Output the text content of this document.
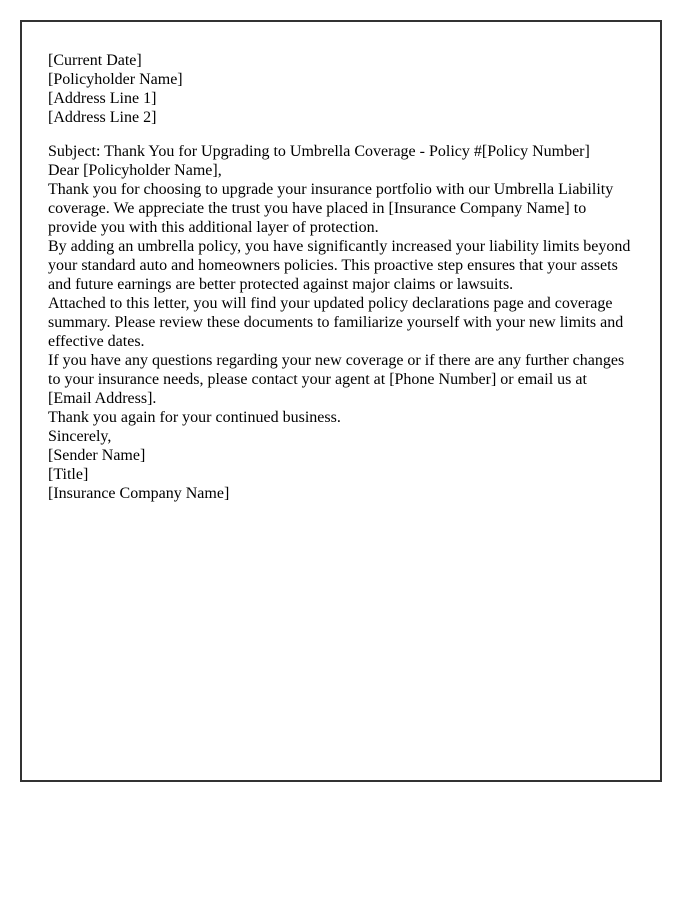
[Current Date]

[Policyholder Name]

[Address Line 1]

[Address Line 2]

Subject: Thank You for Upgrading to Umbrella Coverage - Policy #[Policy Number]

Dear [Policyholder Name],

Thank you for choosing to upgrade your insurance portfolio with our Umbrella Liability coverage. We appreciate the trust you have placed in [Insurance Company Name] to provide you with this additional layer of protection.

By adding an umbrella policy, you have significantly increased your liability limits beyond your standard auto and homeowners policies. This proactive step ensures that your assets and future earnings are better protected against major claims or lawsuits.

Attached to this letter, you will find your updated policy declarations page and coverage summary. Please review these documents to familiarize yourself with your new limits and effective dates.

If you have any questions regarding your new coverage or if there are any further changes to your insurance needs, please contact your agent at [Phone Number] or email us at [Email Address].

Thank you again for your continued business.

Sincerely,

[Sender Name]

[Title]

[Insurance Company Name]
